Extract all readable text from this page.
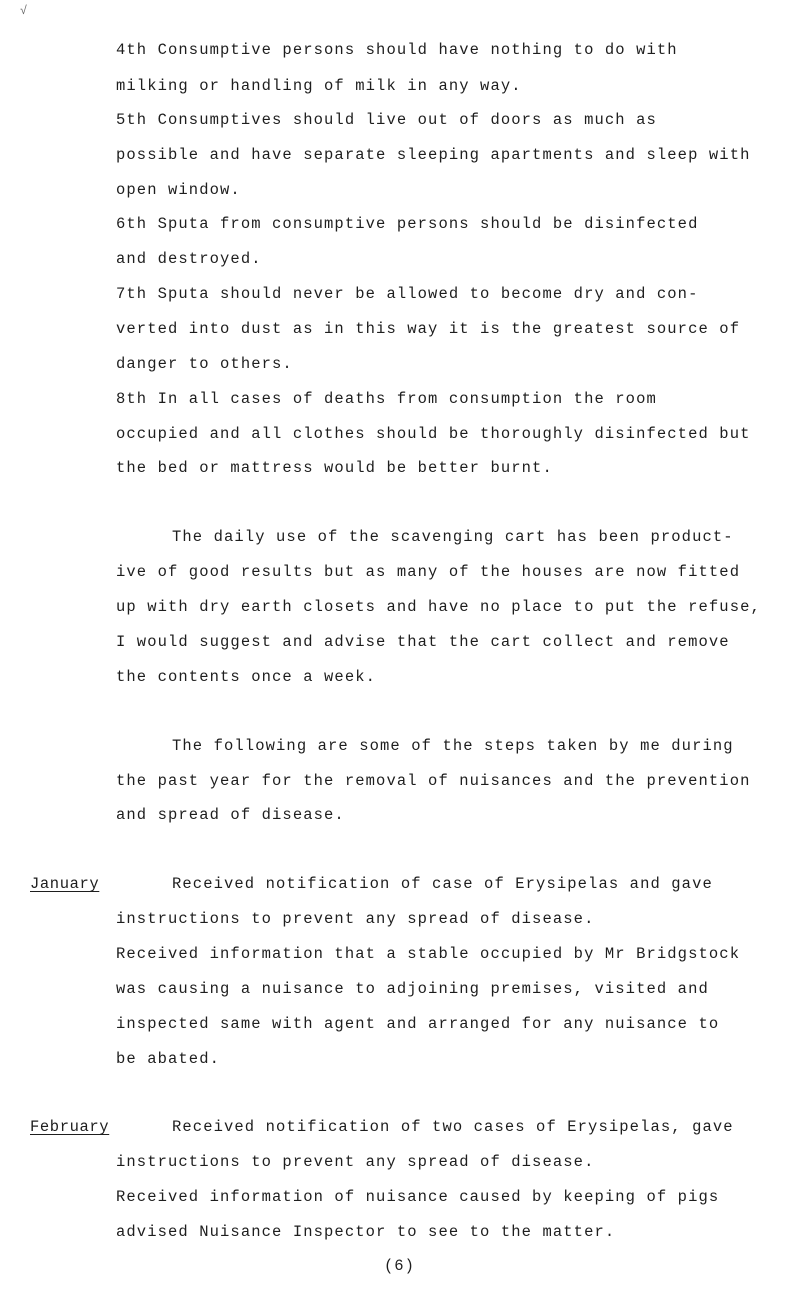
√
4th Consumptive persons should have nothing to do with
milking or handling of milk in any way.
5th Consumptives should live out of doors as much as
possible and have separate sleeping apartments and sleep with
open window.
6th Sputa from consumptive persons should be disinfected
and destroyed.
7th Sputa should never be allowed to become dry and con-
verted into dust as in this way it is the greatest source of
danger to others.
8th In all cases of deaths from consumption the room
occupied and all clothes should be thoroughly disinfected but
the bed or mattress would be better burnt.
The daily use of the scavenging cart has been product-
ive of good results but as many of the houses are now fitted
up with dry earth closets and have no place to put the refuse,
I would suggest and advise that the cart collect and remove
the contents once a week.
The following are some of the steps taken by me during
the past year for the removal of nuisances and the prevention
and spread of disease.
January	Received notification of case of Erysipelas and gave
instructions to prevent any spread of disease.
Received information that a stable occupied by Mr Bridgstock
was causing a nuisance to adjoining premises, visited and
inspected same with agent and arranged for any nuisance to
be abated.
February	Received notification of two cases of Erysipelas, gave
instructions to prevent any spread of disease.
Received information of nuisance caused by keeping of pigs
advised Nuisance Inspector to see to the matter.
(6)
